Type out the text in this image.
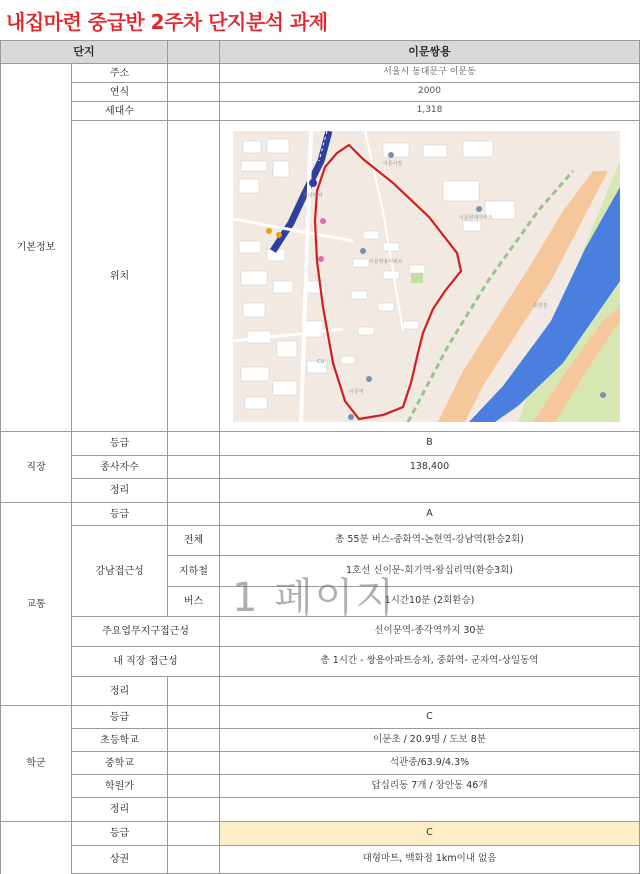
내집마련 중급반 2주차 단지분석 과제
단지	이문쌍용
기본정보
주소	서울시 동대문구 이문동
연식	2000
세대수	1,318
위치
외대앞역
이문쌍용아파트
이문역
이문시장
이문현대아파트
중랑천
CU
직장
등급	B
종사자수	138,400
정리
교통
등급	A
강남접근성
전체	총 55분 버스-중화역-논현역-강남역(환승2회)
지하철	1호선 신이문-회기역-왕십리역(환승3회)
버스	1시간10분 (2회환승)
주요업무지구접근성	신이문역-종각역까지 30분
내 직장 접근성	총 1시간 - 쌍용아파트승차, 중화역- 군자역-상일동역
정리
학군
등급	C
초등학교	이문초 / 20.9명 / 도보 8분
중학교	석관중/63.9/4.3%
학원가	답십리동 7개 / 장안동 46개
정리
등급	C
상권	대형마트, 백화점 1km이내 없음
1 페이지
